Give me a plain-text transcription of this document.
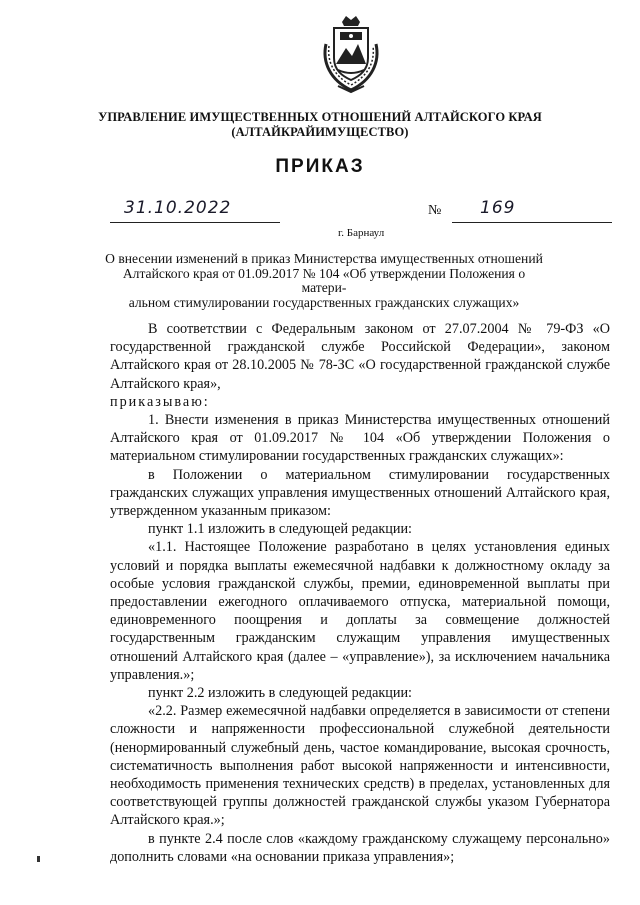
УПРАВЛЕНИЕ ИМУЩЕСТВЕННЫХ ОТНОШЕНИЙ АЛТАЙСКОГО КРАЯ
(АЛТАЙКРАЙИМУЩЕСТВО)
ПРИКАЗ
31.10.2022	№ 169
г. Барнаул
О внесении изменений в приказ Министерства имущественных отношений
Алтайского края от 01.09.2017 № 104 «Об утверждении Положения о матери-
альном стимулировании государственных гражданских служащих»

В соответствии с Федеральным законом от 27.07.2004 № 79-ФЗ «О государственной гражданской службе Российской Федерации», законом Алтайского края от 28.10.2005 № 78-ЗС «О государственной гражданской службе Алтайского края»,

приказываю:

1. Внести изменения в приказ Министерства имущественных отношений Алтайского края от 01.09.2017 № 104 «Об утверждении Положения о материальном стимулировании государственных гражданских служащих»:

в Положении о материальном стимулировании государственных гражданских служащих управления имущественных отношений Алтайского края, утвержденном указанным приказом:

пункт 1.1 изложить в следующей редакции:

«1.1. Настоящее Положение разработано в целях установления единых условий и порядка выплаты ежемесячной надбавки к должностному окладу за особые условия гражданской службы, премии, единовременной выплаты при предоставлении ежегодного оплачиваемого отпуска, материальной помощи, единовременного поощрения и доплаты за совмещение должностей государственным гражданским служащим управления имущественных отношений Алтайского края (далее – «управление»), за исключением начальника управления.»;

пункт 2.2 изложить в следующей редакции:

«2.2. Размер ежемесячной надбавки определяется в зависимости от степени сложности и напряженности профессиональной служебной деятельности (ненормированный служебный день, частое командирование, высокая срочность, систематичность выполнения работ высокой напряженности и интенсивности, необходимость применения технических средств) в пределах, установленных для соответствующей группы должностей гражданской службы указом Губернатора Алтайского края.»;

в пункте 2.4 после слов «каждому гражданскому служащему персонально» дополнить словами «на основании приказа управления»;
